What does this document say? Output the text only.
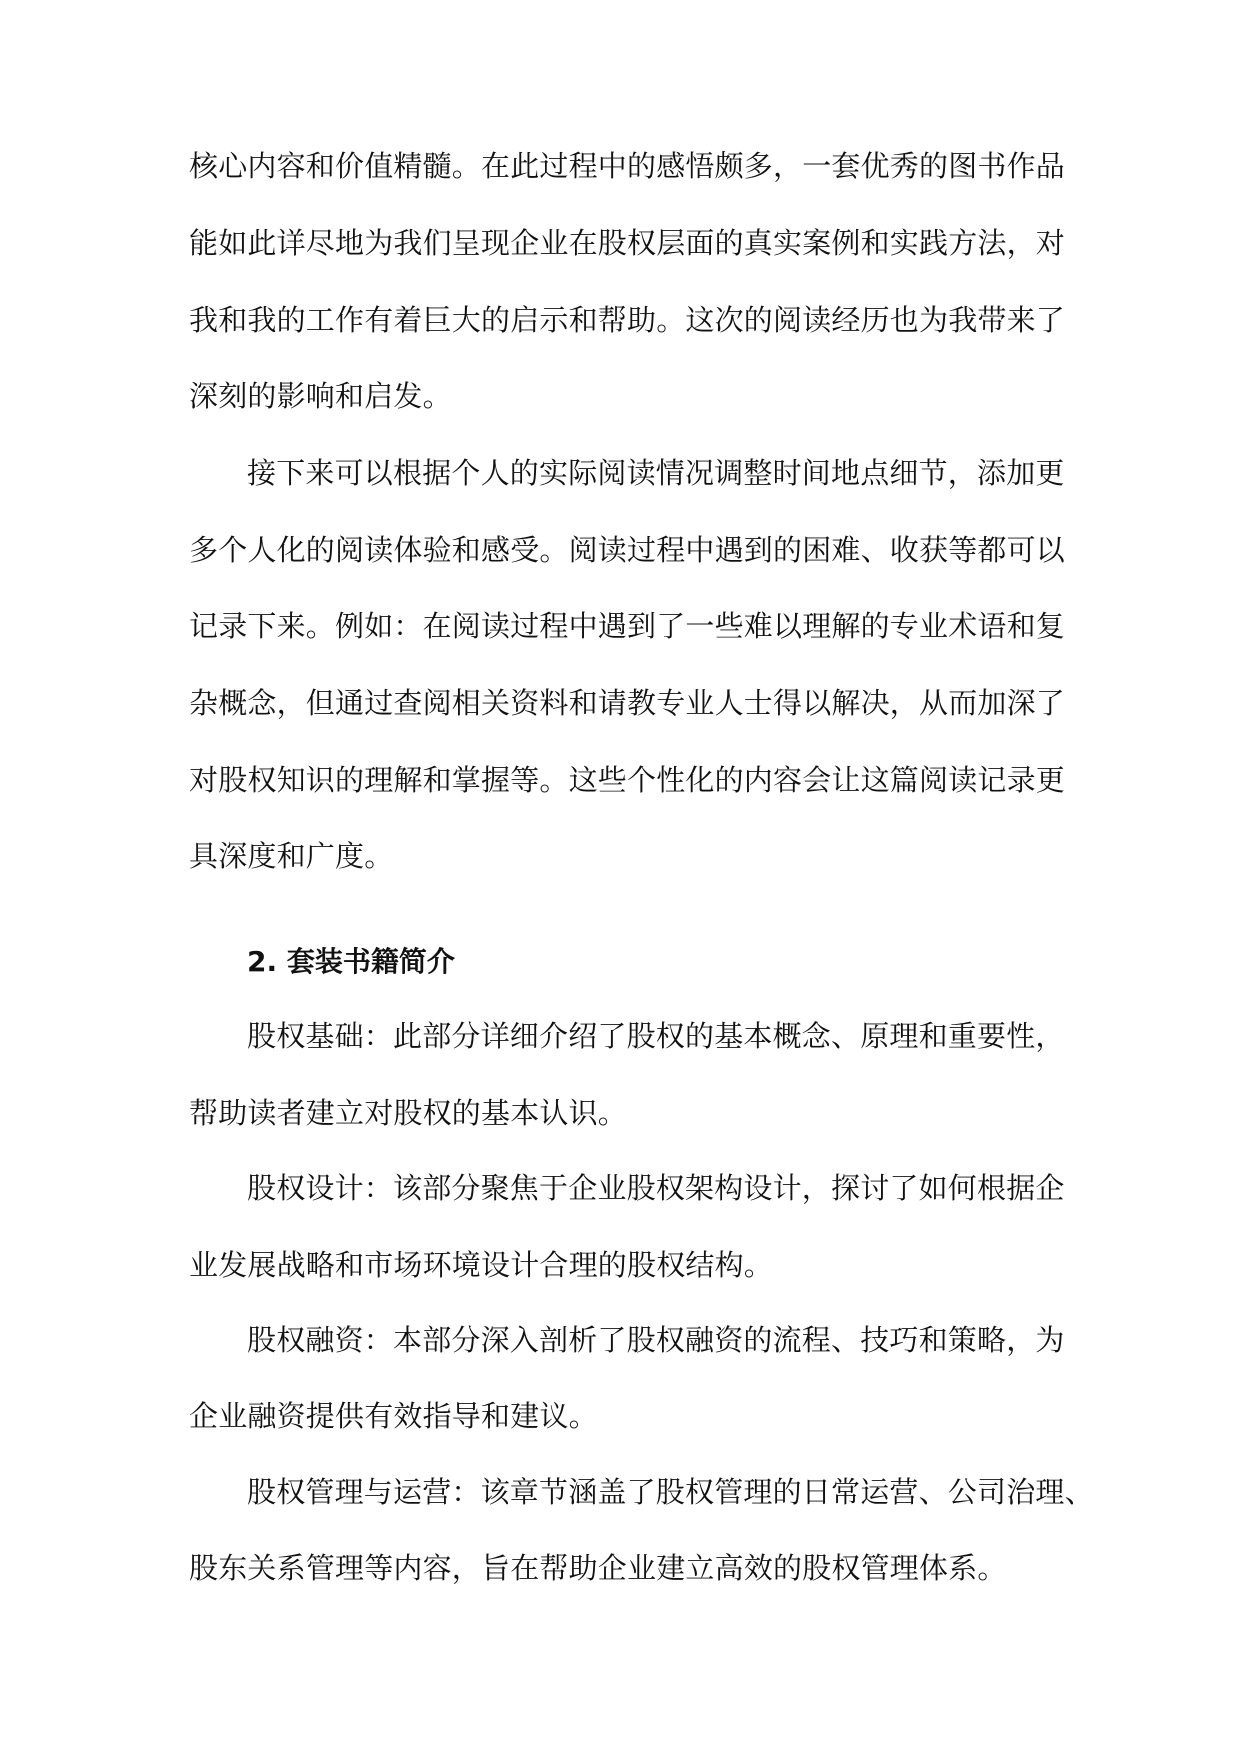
核心内容和价值精髓。在此过程中的感悟颇多，一套优秀的图书作品
能如此详尽地为我们呈现企业在股权层面的真实案例和实践方法，对
我和我的工作有着巨大的启示和帮助。这次的阅读经历也为我带来了
深刻的影响和启发。
接下来可以根据个人的实际阅读情况调整时间地点细节，添加更
多个人化的阅读体验和感受。阅读过程中遇到的困难、收获等都可以
记录下来。例如：在阅读过程中遇到了一些难以理解的专业术语和复
杂概念，但通过查阅相关资料和请教专业人士得以解决，从而加深了
对股权知识的理解和掌握等。这些个性化的内容会让这篇阅读记录更
具深度和广度。
2. 套装书籍简介
股权基础：此部分详细介绍了股权的基本概念、原理和重要性，
帮助读者建立对股权的基本认识。
股权设计：该部分聚焦于企业股权架构设计，探讨了如何根据企
业发展战略和市场环境设计合理的股权结构。
股权融资：本部分深入剖析了股权融资的流程、技巧和策略，为
企业融资提供有效指导和建议。
股权管理与运营：该章节涵盖了股权管理的日常运营、公司治理、
股东关系管理等内容，旨在帮助企业建立高效的股权管理体系。
